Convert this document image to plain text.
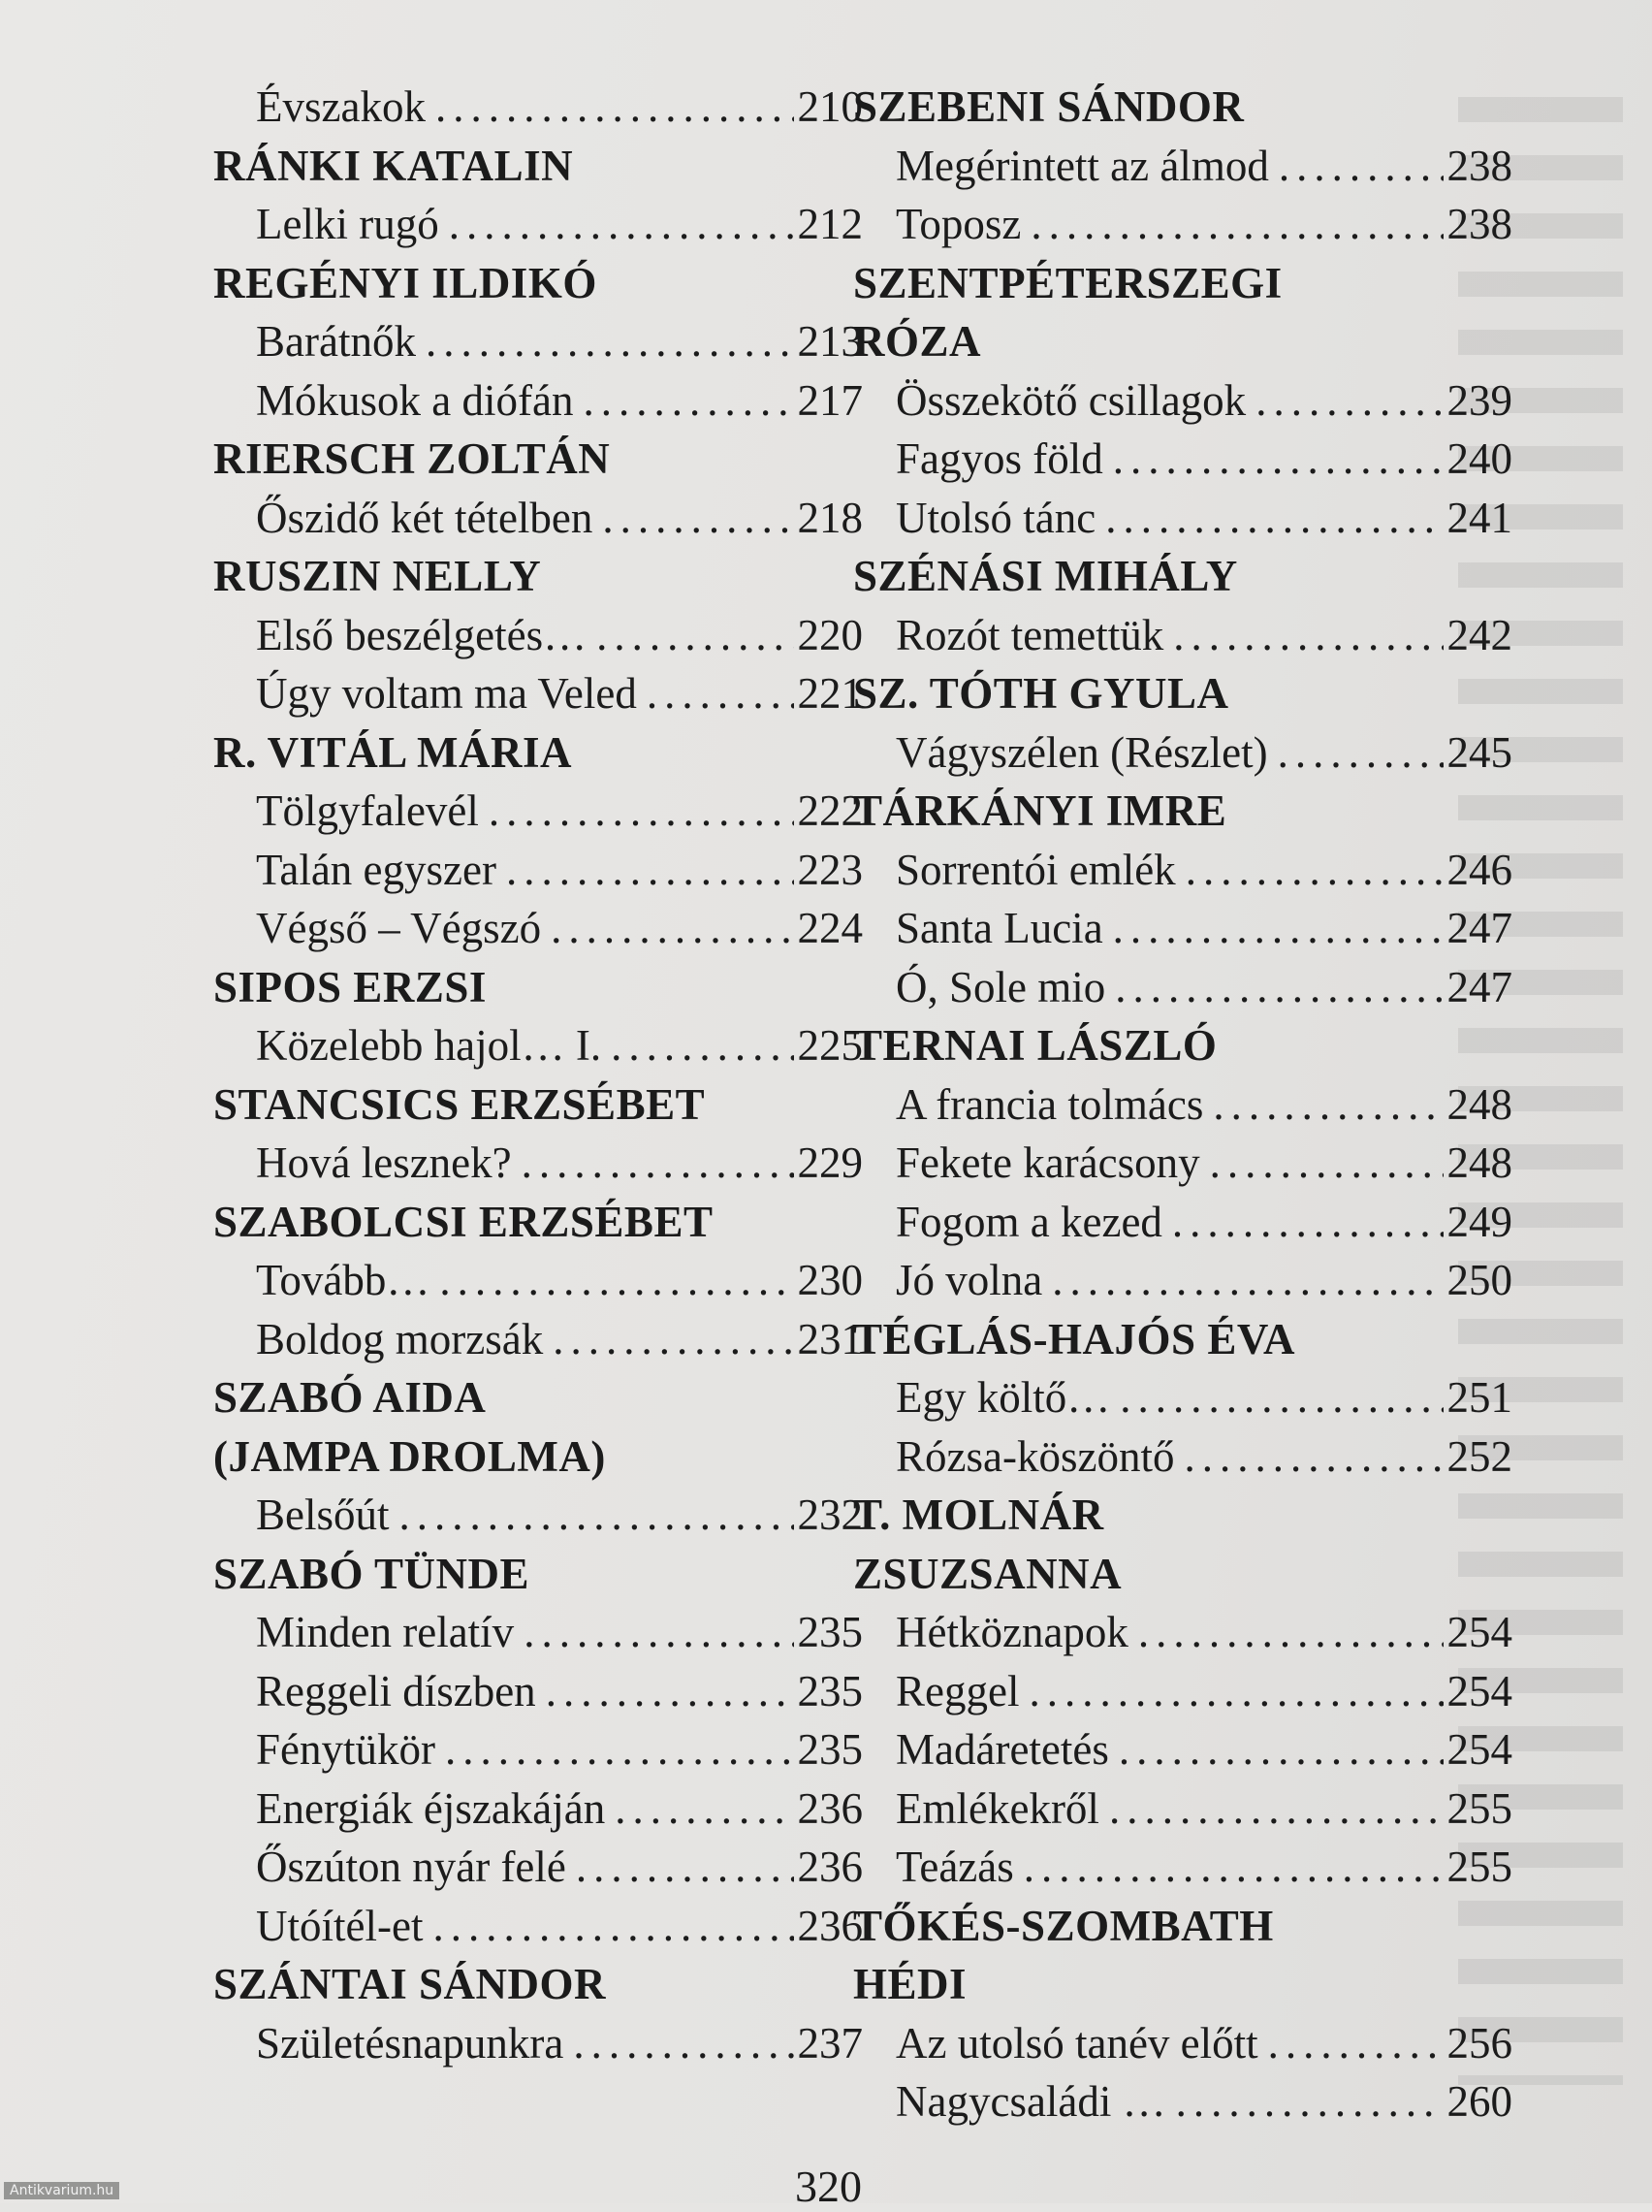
Évszakok .....	210
RÁNKI KATALIN
Lelki rugó .....	212
REGÉNYI ILDIKÓ
Barátnők .....	213
Mókusok a diófán .....	217
RIERSCH ZOLTÁN
Őszidő két tételben .....	218
RUSZIN NELLY
Első beszélgetés… .....	220
Úgy voltam ma Veled .....	221
R. VITÁL MÁRIA
Tölgyfalevél .....	222
Talán egyszer .....	223
Végső – Végszó .....	224
SIPOS ERZSI
Közelebb hajol… I. .....	225
STANCSICS ERZSÉBET
Hová lesznek? .....	229
SZABOLCSI ERZSÉBET
Tovább… .....	230
Boldog morzsák .....	231
SZABÓ AIDA
(JAMPA DROLMA)
Belsőút .....	232
SZABÓ TÜNDE
Minden relatív .....	235
Reggeli díszben .....	235
Fénytükör .....	235
Energiák éjszakáján .....	236
Őszúton nyár felé .....	236
Utóítél-et .....	236
SZÁNTAI SÁNDOR
Születésnapunkra .....	237
SZEBENI SÁNDOR
Megérintett az álmod .....	238
Toposz .....	238
SZENTPÉTERSZEGI
RÓZA
Összekötő csillagok .....	239
Fagyos föld .....	240
Utolsó tánc .....	241
SZÉNÁSI MIHÁLY
Rozót temettük .....	242
SZ. TÓTH GYULA
Vágyszélen (Részlet) .....	245
TÁRKÁNYI IMRE
Sorrentói emlék .....	246
Santa Lucia .....	247
Ó, Sole mio .....	247
TERNAI LÁSZLÓ
A francia tolmács .....	248
Fekete karácsony .....	248
Fogom a kezed .....	249
Jó volna .....	250
TÉGLÁS-HAJÓS ÉVA
Egy költő… .....	251
Rózsa-köszöntő .....	252
T. MOLNÁR
ZSUZSANNA
Hétköznapok .....	254
Reggel .....	254
Madáretetés .....	254
Emlékekről .....	255
Teázás .....	255
TŐKÉS-SZOMBATH
HÉDI
Az utolsó tanév előtt .....	256
Nagycsaládi … .....	260
320
Antikvarium.hu
